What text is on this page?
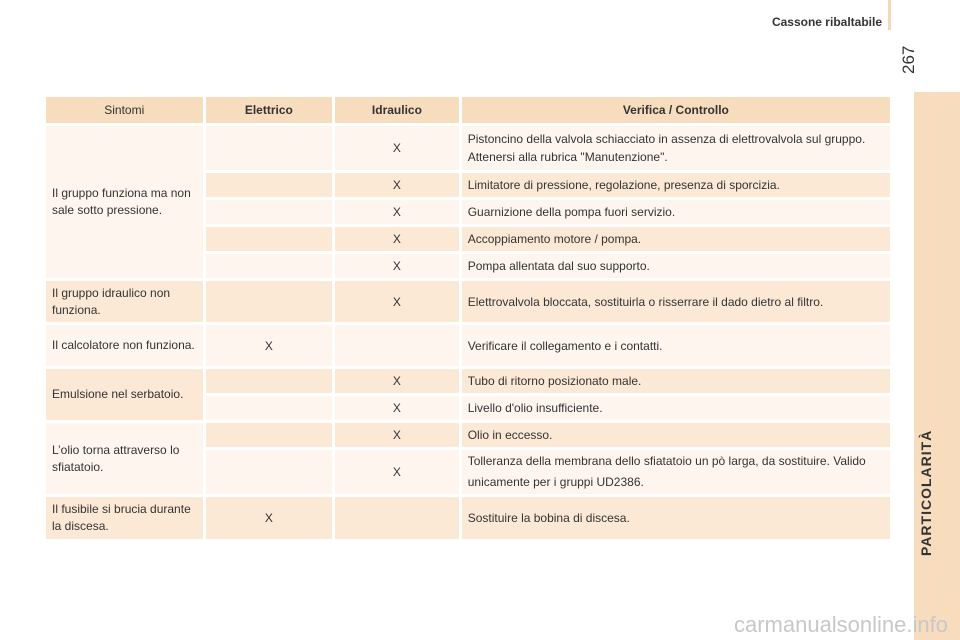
Cassone ribaltabile
267
PARTICOLARITÀ
Sintomi	Elettrico	Idraulico	Verifica / Controllo
Il gruppo funziona ma non sale sotto pressione.		X	Pistoncino della valvola schiacciato in assenza di elettrovalvola sul gruppo. Attenersi alla rubrica "Manutenzione".
		X	Limitatore di pressione, regolazione, presenza di sporcizia.
		X	Guarnizione della pompa fuori servizio.
		X	Accoppiamento motore / pompa.
		X	Pompa allentata dal suo supporto.
Il gruppo idraulico non funziona.		X	Elettrovalvola bloccata, sostituirla o risserrare il dado dietro al filtro.
Il calcolatore non funziona.	X		Verificare il collegamento e i contatti.
Emulsione nel serbatoio.		X	Tubo di ritorno posizionato male.
		X	Livello d'olio insufficiente.
L’olio torna attraverso lo sfiatatoio.		X	Olio in eccesso.
		X	Tolleranza della membrana dello sfiatatoio un pò larga, da sostituire. Valido unicamente per i gruppi UD2386.
Il fusibile si brucia durante la discesa.	X		Sostituire la bobina di discesa.
carmanualsonline.info
